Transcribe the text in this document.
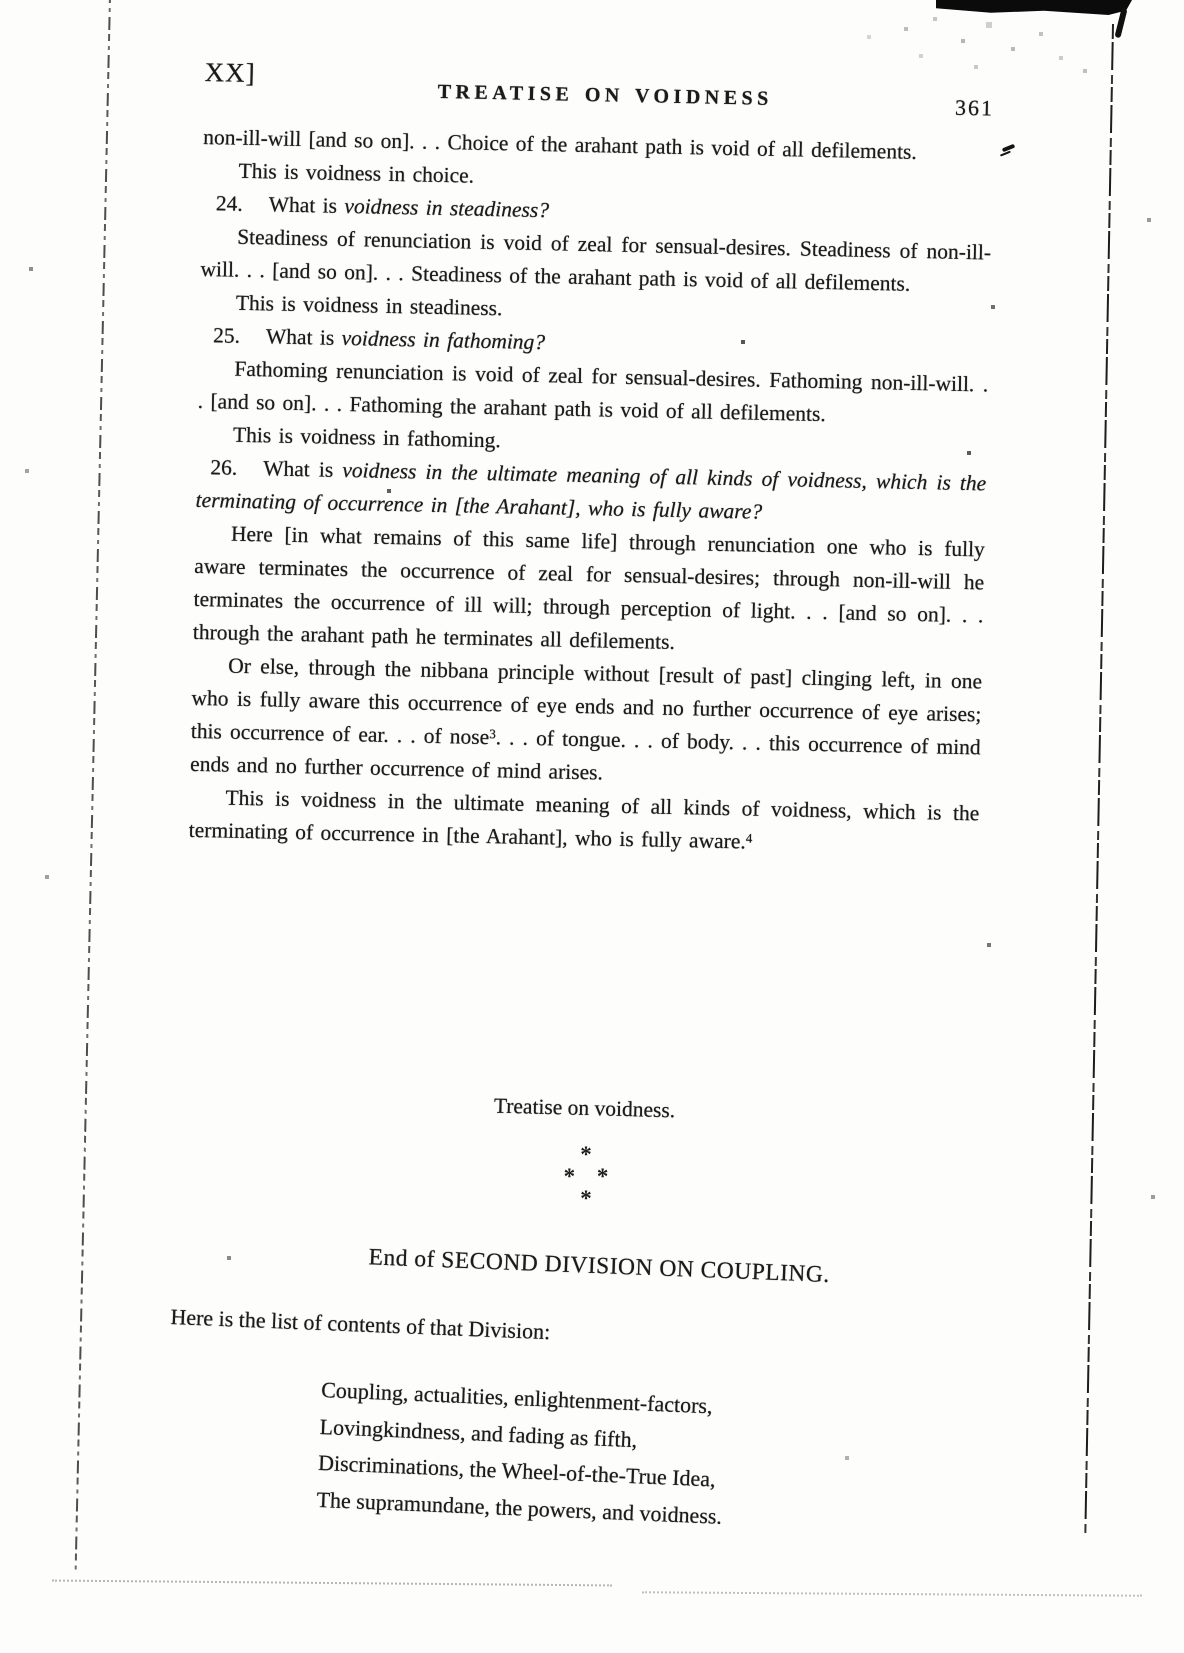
XX]
TREATISE ON VOIDNESS	361

non-ill-will [and so on]. . . Choice of the arahant path is void of all defilements.

This is voidness in choice.

24. What is voidness in steadiness?

Steadiness of renunciation is void of zeal for sensual-desires. Steadiness of non-ill-will. . . [and so on]. . . Steadiness of the arahant path is void of all defilements.

This is voidness in steadiness.

25. What is voidness in fathoming?

Fathoming renunciation is void of zeal for sensual-desires. Fathoming non-ill-will. . . [and so on]. . . Fathoming the arahant path is void of all defilements.

This is voidness in fathoming.

26. What is voidness in the ultimate meaning of all kinds of voidness, which is the terminating of occurrence in [the Arahant], who is fully aware?

Here [in what remains of this same life] through renunciation one who is fully aware terminates the occurrence of zeal for sensual-desires; through non-ill-will he terminates the occurrence of ill will; through perception of light. . . [and so on]. . . through the arahant path he terminates all defilements.

Or else, through the nibbana principle without [result of past] clinging left, in one who is fully aware this occurrence of eye ends and no further occurrence of eye arises; this occurrence of ear. . . of nose$^3$. . . of tongue. . . of body. . . this occurrence of mind ends and no further occurrence of mind arises.

This is voidness in the ultimate meaning of all kinds of voidness, which is the terminating of occurrence in [the Arahant], who is fully aware.$^4$

Treatise on voidness.
*
* *
*
End of SECOND DIVISION ON COUPLING.
Here is the list of contents of that Division:
Coupling, actualities, enlightenment-factors,
Lovingkindness, and fading as fifth,
Discriminations, the Wheel-of-the-True Idea,
The supramundane, the powers, and voidness.
